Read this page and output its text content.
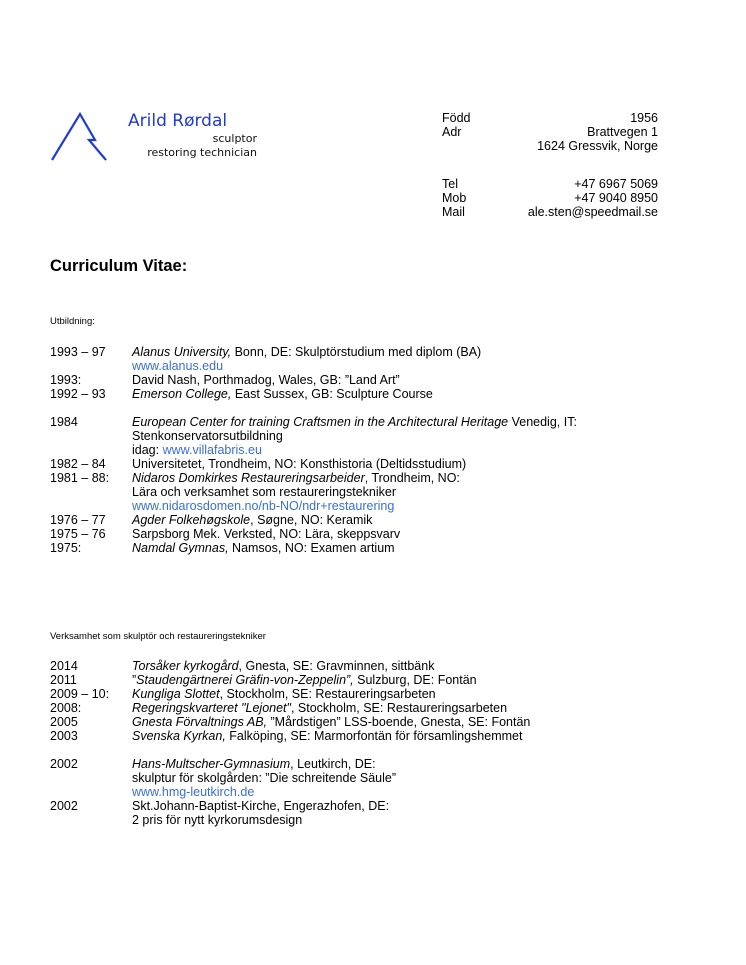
Arild Rørdal
sculptor
restoring technician
Född	1956
Adr	Brattvegen 1
1624 Gressvik, Norge
Tel	+47 6967 5069
Mob	+47 9040 8950
Mail	ale.sten@speedmail.se
Curriculum Vitae:
Utbildning:
1993 – 97 Alanus University, Bonn, DE: Skulptörstudium med diplom (BA)
www.alanus.edu
1993:	David Nash, Porthmadog, Wales, GB: ”Land Art”
1992 – 93 Emerson College, East Sussex, GB: Sculpture Course
1984	European Center for training Craftsmen in the Architectural Heritage Venedig, IT:
Stenkonservatorsutbildning
idag: www.villafabris.eu
1982 – 84 Universitetet, Trondheim, NO: Konsthistoria (Deltidsstudium)
1981 – 88: Nidaros Domkirkes Restaureringsarbeider, Trondheim, NO:
Lära och verksamhet som restaureringstekniker
www.nidarosdomen.no/nb-NO/ndr+restaurering
1976 – 77 Agder Folkehøgskole, Søgne, NO: Keramik
1975 – 76 Sarpsborg Mek. Verksted, NO: Lära, skeppsvarv
1975:	Namdal Gymnas, Namsos, NO: Examen artium
Verksamhet som skulptör och restaureringstekniker
2014	Torsåker kyrkogård, Gnesta, SE: Gravminnen, sittbänk
2011	”Staudengärtnerei Gräfin-von-Zeppelin”, Sulzburg, DE: Fontän
2009 – 10: Kungliga Slottet, Stockholm, SE: Restaureringsarbeten
2008:	Regeringskvarteret "Lejonet", Stockholm, SE: Restaureringsarbeten
2005	Gnesta Förvaltnings AB, ”Mårdstigen” LSS-boende, Gnesta, SE: Fontän
2003	Svenska Kyrkan, Falköping, SE: Marmorfontän för församlingshemmet
2002	Hans-Multscher-Gymnasium, Leutkirch, DE:
skulptur för skolgården: ”Die schreitende Säule”
www.hmg-leutkirch.de
2002	Skt.Johann-Baptist-Kirche, Engerazhofen, DE:
2 pris för nytt kyrkorumsdesign
